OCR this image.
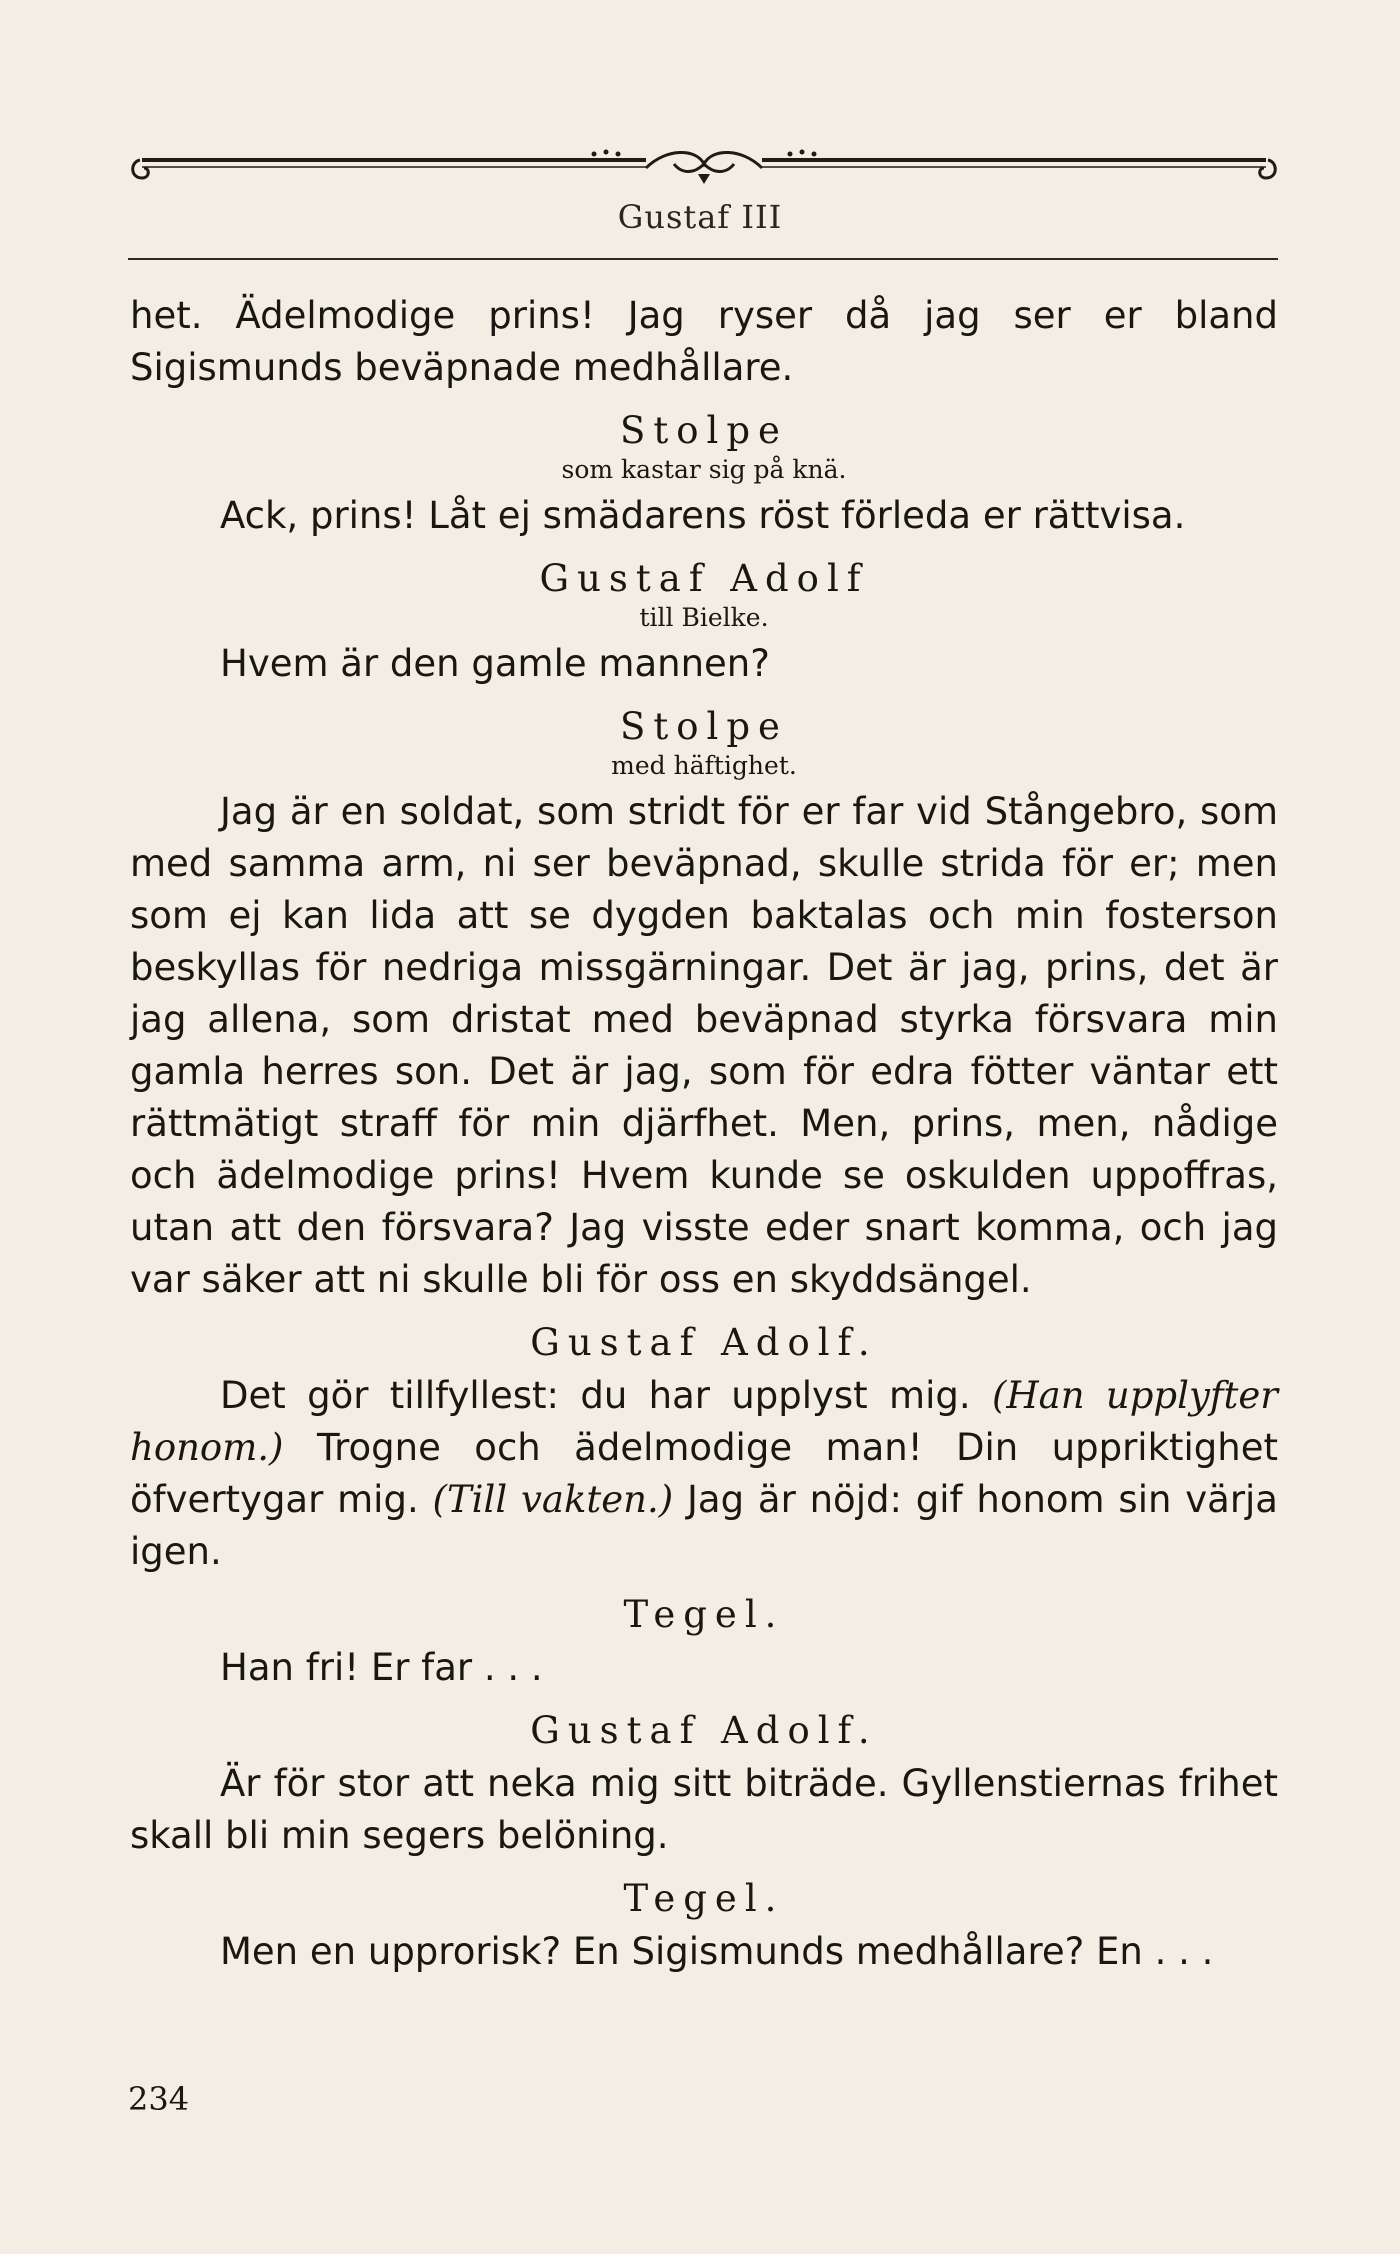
Gustaf III

het. Ädelmodige prins! Jag ryser då jag ser er bland Sigismunds beväpnade medhållare.

Stolpe
som kastar sig på knä.

Ack, prins! Låt ej smädarens röst förleda er rättvisa.

Gustaf Adolf
till Bielke.

Hvem är den gamle mannen?

Stolpe
med häftighet.

Jag är en soldat, som stridt för er far vid Stångebro, som med samma arm, ni ser beväpnad, skulle strida för er; men som ej kan lida att se dygden baktalas och min fosterson beskyllas för nedriga missgärningar. Det är jag, prins, det är jag allena, som dristat med beväpnad styrka försvara min gamla herres son. Det är jag, som för edra fötter väntar ett rättmätigt straff för min djärfhet. Men, prins, men, nådige och ädelmodige prins! Hvem kunde se oskulden uppoffras, utan att den försvara? Jag visste eder snart komma, och jag var säker att ni skulle bli för oss en skyddsängel.

Gustaf Adolf.

Det gör tillfyllest: du har upplyst mig. (Han upplyfter honom.) Trogne och ädelmodige man! Din uppriktighet öfvertygar mig. (Till vakten.) Jag är nöjd: gif honom sin värja igen.

Tegel.

Han fri! Er far . . .

Gustaf Adolf.

Är för stor att neka mig sitt biträde. Gyllenstiernas frihet skall bli min segers belöning.

Tegel.

Men en upprorisk? En Sigismunds medhållare? En . . .

234
